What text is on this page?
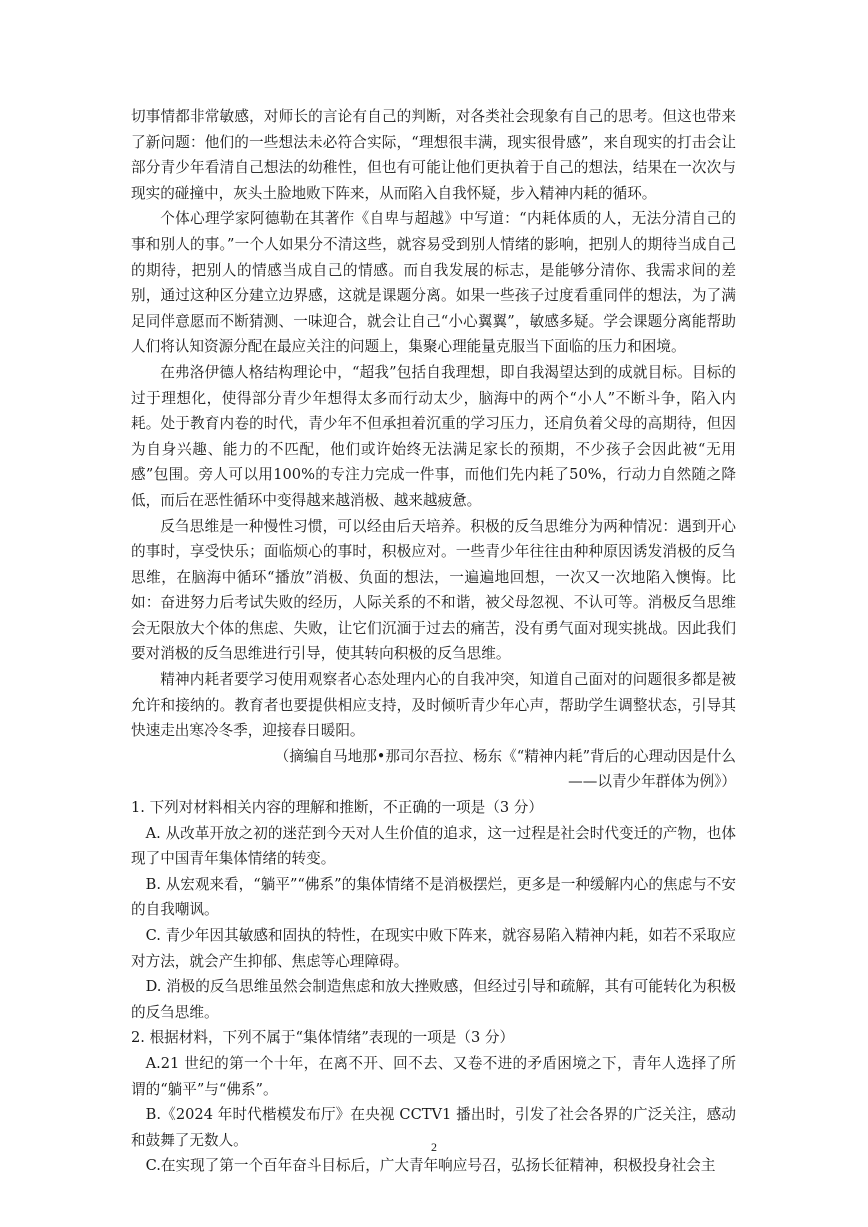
切事情都非常敏感，对师长的言论有自己的判断，对各类社会现象有自己的思考。但这也带来了新问题：他们的一些想法未必符合实际，“理想很丰满，现实很骨感”，来自现实的打击会让部分青少年看清自己想法的幼稚性，但也有可能让他们更执着于自己的想法，结果在一次次与现实的碰撞中，灰头土脸地败下阵来，从而陷入自我怀疑，步入精神内耗的循环。

个体心理学家阿德勒在其著作《自卑与超越》中写道：“内耗体质的人，无法分清自己的事和别人的事。”一个人如果分不清这些，就容易受到别人情绪的影响，把别人的期待当成自己的期待，把别人的情感当成自己的情感。而自我发展的标志，是能够分清你、我需求间的差别，通过这种区分建立边界感，这就是课题分离。如果一些孩子过度看重同伴的想法，为了满足同伴意愿而不断猜测、一味迎合，就会让自己“小心翼翼”，敏感多疑。学会课题分离能帮助人们将认知资源分配在最应关注的问题上，集聚心理能量克服当下面临的压力和困境。

在弗洛伊德人格结构理论中，“超我”包括自我理想，即自我渴望达到的成就目标。目标的过于理想化，使得部分青少年想得太多而行动太少，脑海中的两个“小人”不断斗争，陷入内耗。处于教育内卷的时代，青少年不但承担着沉重的学习压力，还肩负着父母的高期待，但因为自身兴趣、能力的不匹配，他们或许始终无法满足家长的预期，不少孩子会因此被“无用感”包围。旁人可以用100%的专注力完成一件事，而他们先内耗了50%，行动力自然随之降低，而后在恶性循环中变得越来越消极、越来越疲惫。

反刍思维是一种慢性习惯，可以经由后天培养。积极的反刍思维分为两种情况：遇到开心的事时，享受快乐；面临烦心的事时，积极应对。一些青少年往往由种种原因诱发消极的反刍思维，在脑海中循环“播放”消极、负面的想法，一遍遍地回想，一次又一次地陷入懊悔。比如：奋进努力后考试失败的经历，人际关系的不和谐，被父母忽视、不认可等。消极反刍思维会无限放大个体的焦虑、失败，让它们沉湎于过去的痛苦，没有勇气面对现实挑战。因此我们要对消极的反刍思维进行引导，使其转向积极的反刍思维。

精神内耗者要学习使用观察者心态处理内心的自我冲突，知道自己面对的问题很多都是被允许和接纳的。教育者也要提供相应支持，及时倾听青少年心声，帮助学生调整状态，引导其快速走出寒冷冬季，迎接春日暖阳。

（摘编自马地那•那司尔吾拉、杨东《“精神内耗”背后的心理动因是什么

——以青少年群体为例》）

1. 下列对材料相关内容的理解和推断，不正确的一项是（3 分）

A. 从改革开放之初的迷茫到今天对人生价值的追求，这一过程是社会时代变迁的产物，也体现了中国青年集体情绪的转变。

B. 从宏观来看，“躺平”“佛系”的集体情绪不是消极摆烂，更多是一种缓解内心的焦虑与不安的自我嘲讽。

C. 青少年因其敏感和固执的特性，在现实中败下阵来，就容易陷入精神内耗，如若不采取应对方法，就会产生抑郁、焦虑等心理障碍。

D. 消极的反刍思维虽然会制造焦虑和放大挫败感，但经过引导和疏解，其有可能转化为积极的反刍思维。

2. 根据材料，下列不属于“集体情绪”表现的一项是（3 分）

A.21 世纪的第一个十年，在离不开、回不去、又卷不进的矛盾困境之下，青年人选择了所谓的“躺平”与“佛系”。

B.《2024 年时代楷模发布厅》在央视 CCTV1 播出时，引发了社会各界的广泛关注，感动和鼓舞了无数人。

C.在实现了第一个百年奋斗目标后，广大青年响应号召，弘扬长征精神，积极投身社会主

2
